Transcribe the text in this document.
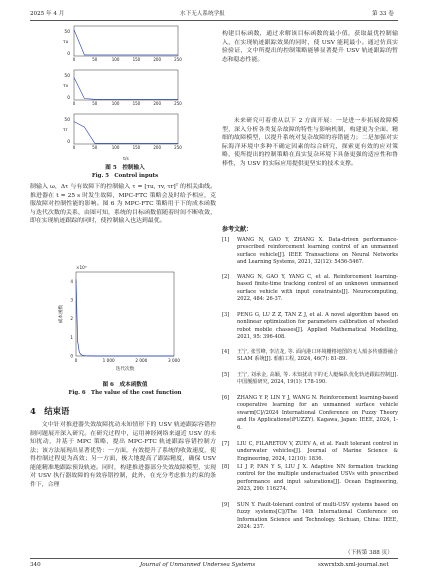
2025 年 4 月	水下无人系统学报	第 33 卷
τu
50
0
τv
50
0
τr
50
0
0	50	100	150	200	250
0	50	100	150	200	250
0	50	100	150	200	250
t/s
图 5　控制输入
Fig. 5　Control inputs

制输入 ω，Δτ 与有故障下的控制输入 τ = [τu, τv, τr]ᵀ 的相关曲线。推进器在 t = 25 s 时发生故障，MPC-FTC 策略会及时给予相应，克服故障对控制性能的影响。图 6 为 MPC-FTC 策略用于下的成本函数与迭代次数的关系，由图可知，系统的目标函数值随着时间不断收敛，即在实现轨迹跟踪的同时，使控制输入也达到最优。

×10⁶
4
3
2
1
0
0	1 000	2 000	3 000
成本函数
迭代次数
图 6　成本函数值
Fig. 6　The value of the cost function
4　结束语

文中针对推进器失效故障扰动未知情形下的 USV 轨迹跟踪容错控制问题展开深入研究。在研究过程中，运用神经网络来逼近 USV 的未知扰动，并基于 MPC 策略，提出 MPC-FTC 轨迹跟踪容错控制方法；该方法展现出显著优势：一方面，有效提升了系统的收敛速度，使得控制过程更为高效；另一方面，极大地提高了跟踪精度，确保 USV 能能精准地跟踪预设轨迹。同时，构建推进器部分失效故障模型，实现对 USV 执行器故障的有效容错控制，此外，在充分考虑推力约束的条件下，合理

构建目标函数，通过求解该目标函数的最小值，获取最优控制输入，在实现轨迹跟踪效果的同时，使 USV 能耗最小。通过仿真实验验证，文中所提出的控制策略能够显著提升 USV 轨迹跟踪的暂态和稳态性能。

未来研究可着重从以下 2 方面开展：一是进一步拓展故障模型，深入分析各类复杂故障的特性与影响机制，构建更为全面、精细的故障模型，以提升系统对复杂故障的容错能力；二是加强对实际海洋环境中多种不确定因素的综合研究，探索更有效的应对策略，使所提出的控制策略在真实复杂环境下具备更强的适应性和鲁棒性，为 USV 的实际应用提供更坚实的技术支撑。

参考文献：
[1] WANG N, GAO Y, ZHANG X. Data-driven performance-prescribed reinforcement learning control of an unmanned surface vehicle[J]. IEEE Transactions on Neural Networks and Learning Systems, 2021, 32(12): 5456-5467.
[2] WANG N, GAO Y, YANG C, et al. Reinforcement learning-based finite-time tracking control of an unknown unmanned surface vehicle with input constraints[J]. Neurocomputing, 2022, 484: 26-37.
[3] PENG G, LU Z Z, TAN Z J, et al. A novel algorithm based on nonlinear optimization for parameters calibration of wheeled robot mobile chasses[J]. Applied Mathematical Modelling, 2021, 95: 396-408.
[4] 王宁, 张雪峰, 李洁龙, 等. 面向港口环境栅格地图的无人船多传感器融合 SLAM 系统[J]. 船舶工程, 2024, 46(7): 81-89.
[5] 王宁, 刘承金, 高颖, 等. 未知扰动下的无人艇编队优化轨迹跟踪控制[J]. 中国舰船研究, 2024, 19(1): 178-190.
[6] ZHANG Y P, LIN Y J, WANG N. Reinforcement learning-based cooperative learning for an unmanned surface vehicle swarm[C]//2024 International Conference on Fuzzy Theory and Its Applications(iFUZZY). Kagawa, Japan: IEEE, 2024, 1-6.
[7] LIU C, FILARETOV V, ZUEV A, et al. Fault tolerant control in underwater vehicles[J]. Journal of Marine Science & Engineering, 2024, 12(10): 1836.
[8] LI J P, FAN Y S, LIU J X. Adaptive NN formation tracking control for the multiple underactuated USVs with prescribed performance and input saturations[J]. Ocean Engineering, 2023, 290: 116274.
[9] SUN Y. Fault-tolerant control of multi-USV systems based on fuzzy systems[C]//The 14th International Conference on Information Science and Technology. Sichuan, China: IEEE, 2024: 237.
（下转第 388 页）
340	Journal of Unmanned Undersea Systems	sxwrxtxb.xml-journal.net
